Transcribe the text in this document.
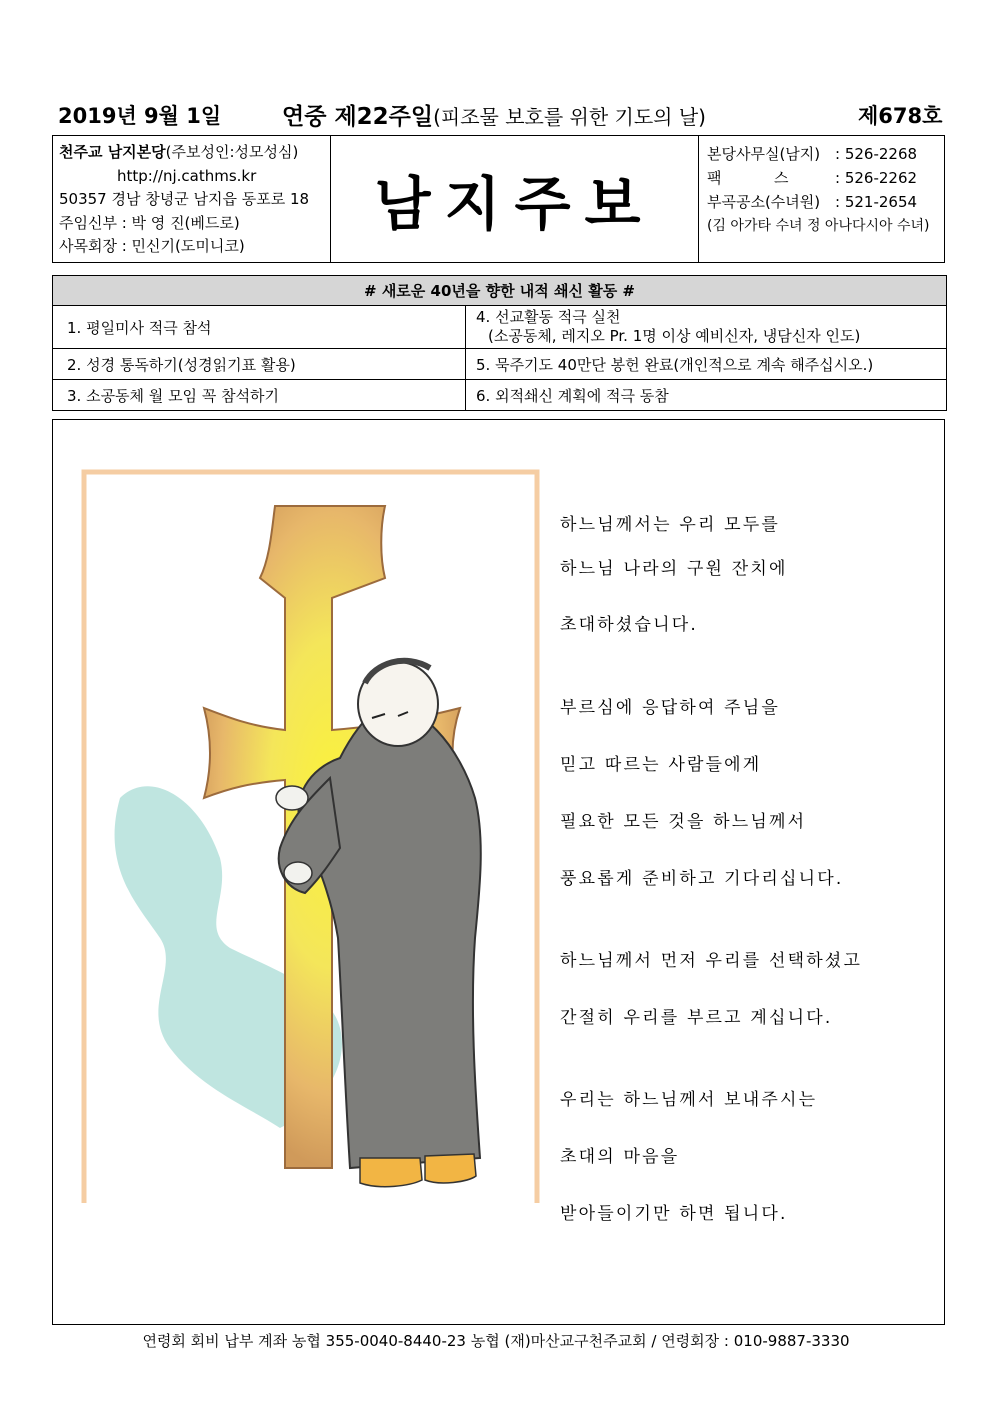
2019년 9월 1일	연중 제22주일(피조물 보호를 위한 기도의 날)	제678호
천주교 남지본당(주보성인:성모성심)
http://nj.cathms.kr
50357 경남 창녕군 남지읍 동포로 18
주임신부 : 박 영 진(베드로)
사목회장 : 민신기(도미니코)
남지주보
본당사무실(남지) : 526-2268
팩           스	: 526-2262
부곡공소(수녀원) : 521-2654
(김 아가타 수녀 정 아나다시아 수녀)
# 새로운 40년을 향한 내적 쇄신 활동 #	
1. 평일미사 적극 참석	4. 선교활동 적극 실천
(소공동체, 레지오 Pr. 1명 이상 예비신자, 냉담신자 인도)

2. 성경 통독하기(성경읽기표 활용)	5. 묵주기도 40만단 봉헌 완료(개인적으로 계속 해주십시오.)
3. 소공동체 월 모임 꼭 참석하기	6. 외적쇄신 계획에 적극 동참
하느님께서는 우리 모두를
하느님 나라의 구원 잔치에
초대하셨습니다.
부르심에 응답하여 주님을
믿고 따르는 사람들에게
필요한 모든 것을 하느님께서
풍요롭게 준비하고 기다리십니다.
하느님께서 먼저 우리를 선택하셨고
간절히 우리를 부르고 계십니다.
우리는 하느님께서 보내주시는
초대의 마음을
받아들이기만 하면 됩니다.
연령회 회비 납부 계좌 농협 355-0040-8440-23 농협 (재)마산교구천주교회 / 연령회장 : 010-9887-3330
